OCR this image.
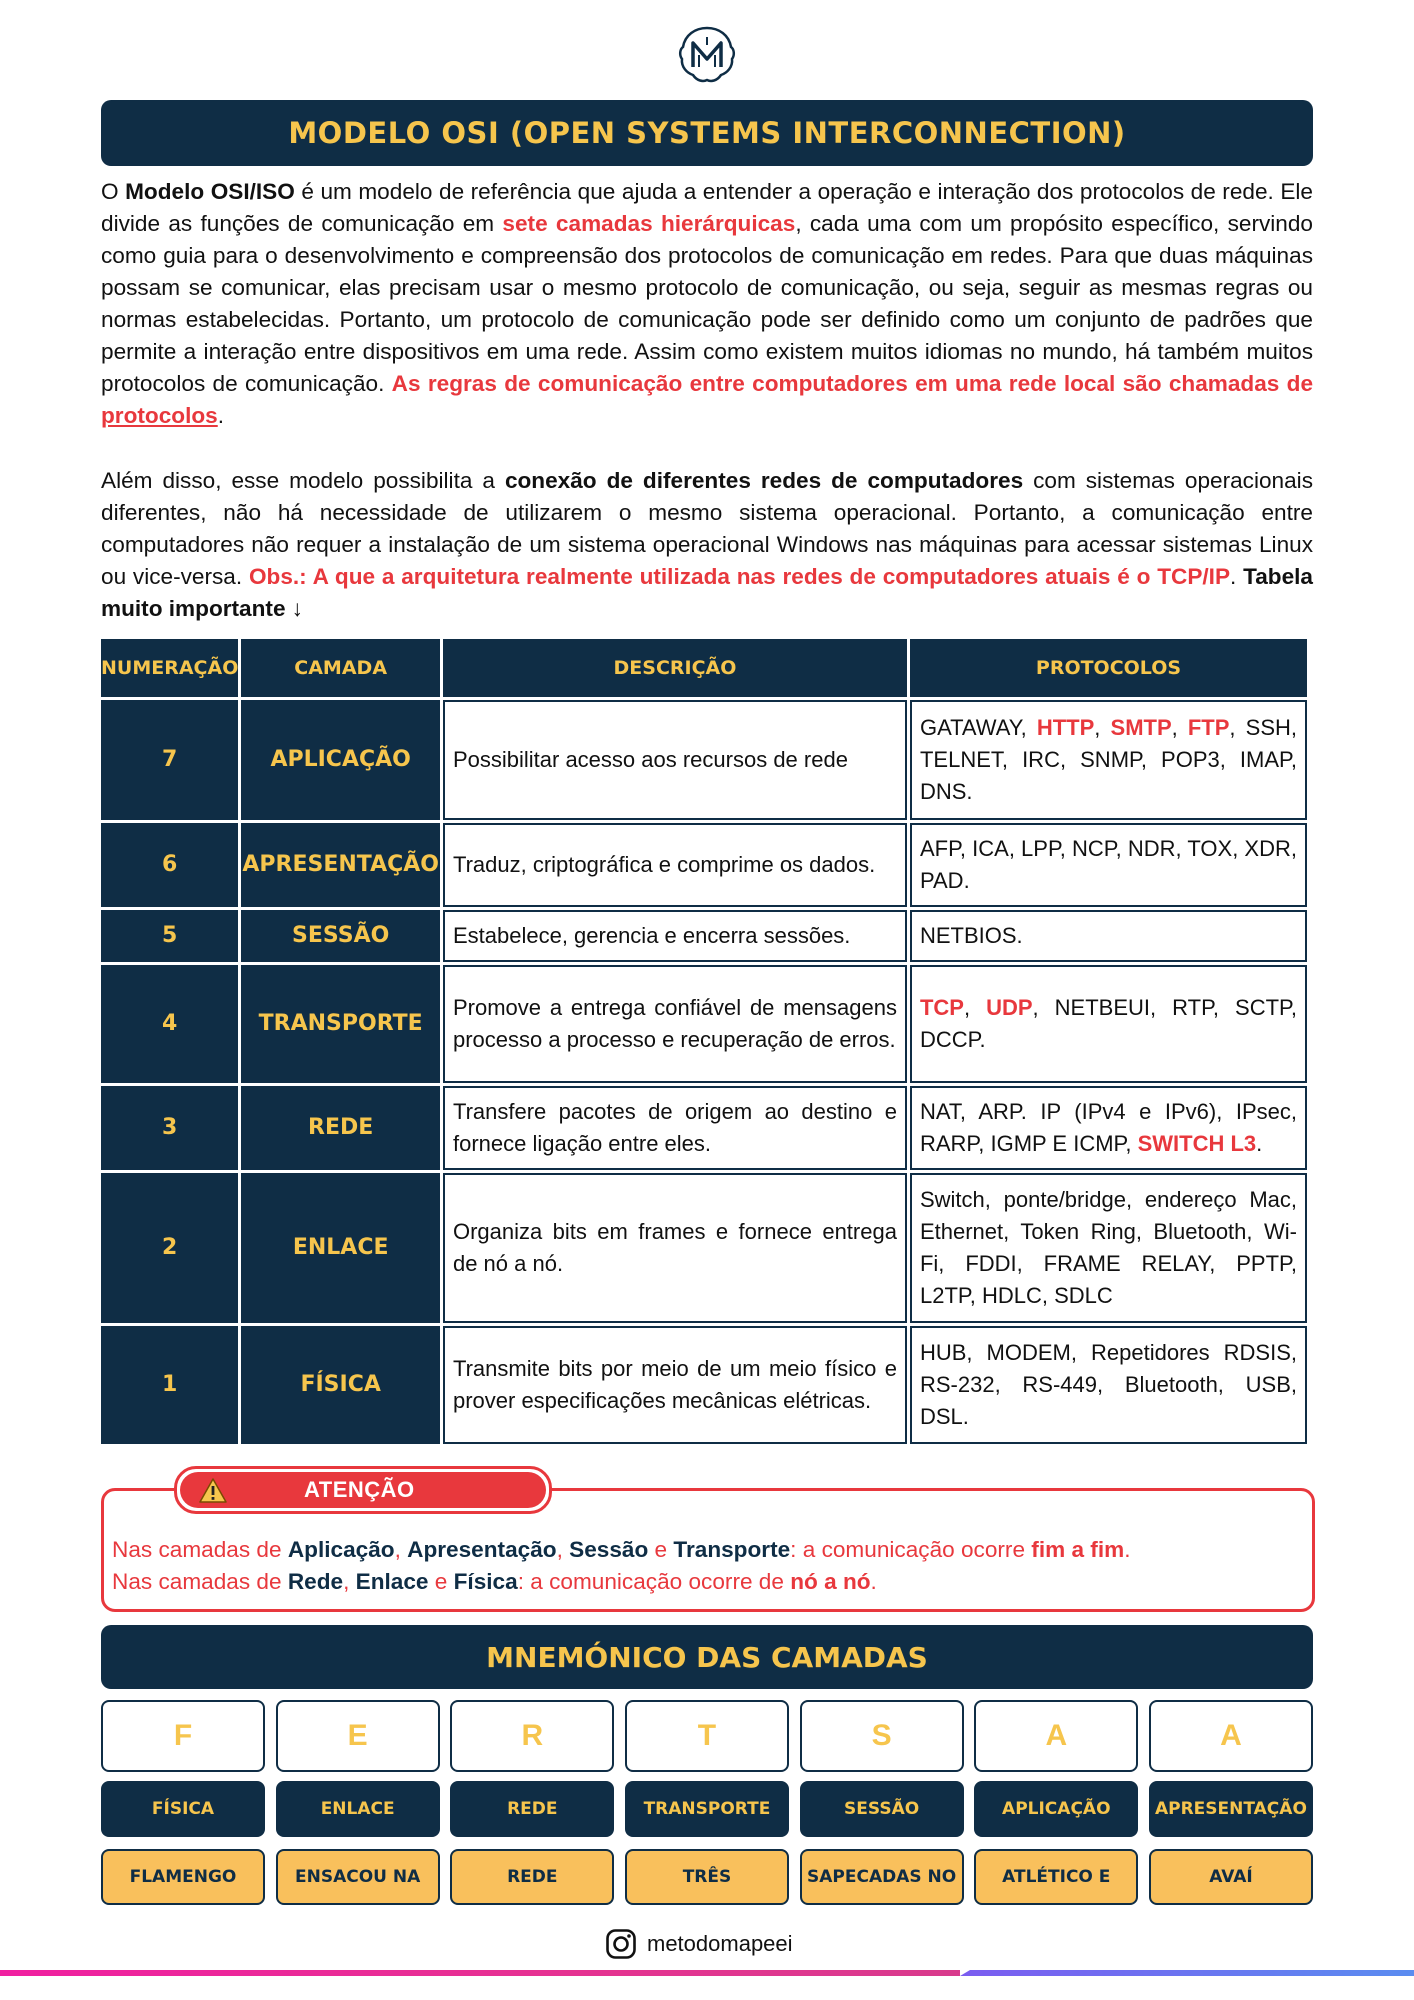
MODELO OSI (OPEN SYSTEMS INTERCONNECTION)

O Modelo OSI/ISO é um modelo de referência que ajuda a entender a operação e interação dos protocolos de rede. Ele divide as funções de comunicação em sete camadas hierárquicas, cada uma com um propósito específico, servindo como guia para o desenvolvimento e compreensão dos protocolos de comunicação em redes. Para que duas máquinas possam se comunicar, elas precisam usar o mesmo protocolo de comunicação, ou seja, seguir as mesmas regras ou normas estabelecidas. Portanto, um protocolo de comunicação pode ser definido como um conjunto de padrões que permite a interação entre dispositivos em uma rede. Assim como existem muitos idiomas no mundo, há também muitos protocolos de comunicação. As regras de comunicação entre computadores em uma rede local são chamadas de protocolos.

Além disso, esse modelo possibilita a conexão de diferentes redes de computadores com sistemas operacionais diferentes, não há necessidade de utilizarem o mesmo sistema operacional. Portanto, a comunicação entre computadores não requer a instalação de um sistema operacional Windows nas máquinas para acessar sistemas Linux ou vice-versa. Obs.: A que a arquitetura realmente utilizada nas redes de computadores atuais é o TCP/IP. Tabela muito importante ↓

NUMERAÇÃO	CAMADA	DESCRIÇÃO	PROTOCOLOS
7	APLICAÇÃO	Possibilitar acesso aos recursos de rede	GATAWAY, HTTP, SMTP, FTP, SSH, TELNET, IRC, SNMP, POP3, IMAP, DNS.
6	APRESENTAÇÃO	Traduz, criptográfica e comprime os dados.	AFP, ICA, LPP, NCP, NDR, TOX, XDR, PAD.
5	SESSÃO	Estabelece, gerencia e encerra sessões.	NETBIOS.
4	TRANSPORTE	Promove a entrega confiável de mensagens processo a processo e recuperação de erros.	TCP, UDP, NETBEUI, RTP, SCTP, DCCP.
3	REDE	Transfere pacotes de origem ao destino e fornece ligação entre eles.	NAT, ARP. IP (IPv4 e IPv6), IPsec, RARP, IGMP E ICMP, SWITCH L3.
2	ENLACE	Organiza bits em frames e fornece entrega de nó a nó.	Switch, ponte/bridge, endereço Mac, Ethernet, Token Ring, Bluetooth, Wi-Fi, FDDI, FRAME RELAY, PPTP, L2TP, HDLC, SDLC
1	FÍSICA	Transmite bits por meio de um meio físico e prover especificações mecânicas elétricas.	HUB, MODEM, Repetidores RDSIS, RS-232, RS-449, Bluetooth, USB, DSL.
ATENÇÃO
Nas camadas de Aplicação, Apresentação, Sessão e Transporte: a comunicação ocorre fim a fim.
Nas camadas de Rede, Enlace e Física: a comunicação ocorre de nó a nó.
MNEMÓNICO DAS CAMADAS
F	E	R	T	S	A	A
FÍSICA	ENLACE	REDE	TRANSPORTE	SESSÃO	APLICAÇÃO	APRESENTAÇÃO
FLAMENGO	ENSACOU NA	REDE	TRÊS	SAPECADAS NO	ATLÉTICO E	AVAÍ
metodomapeei
